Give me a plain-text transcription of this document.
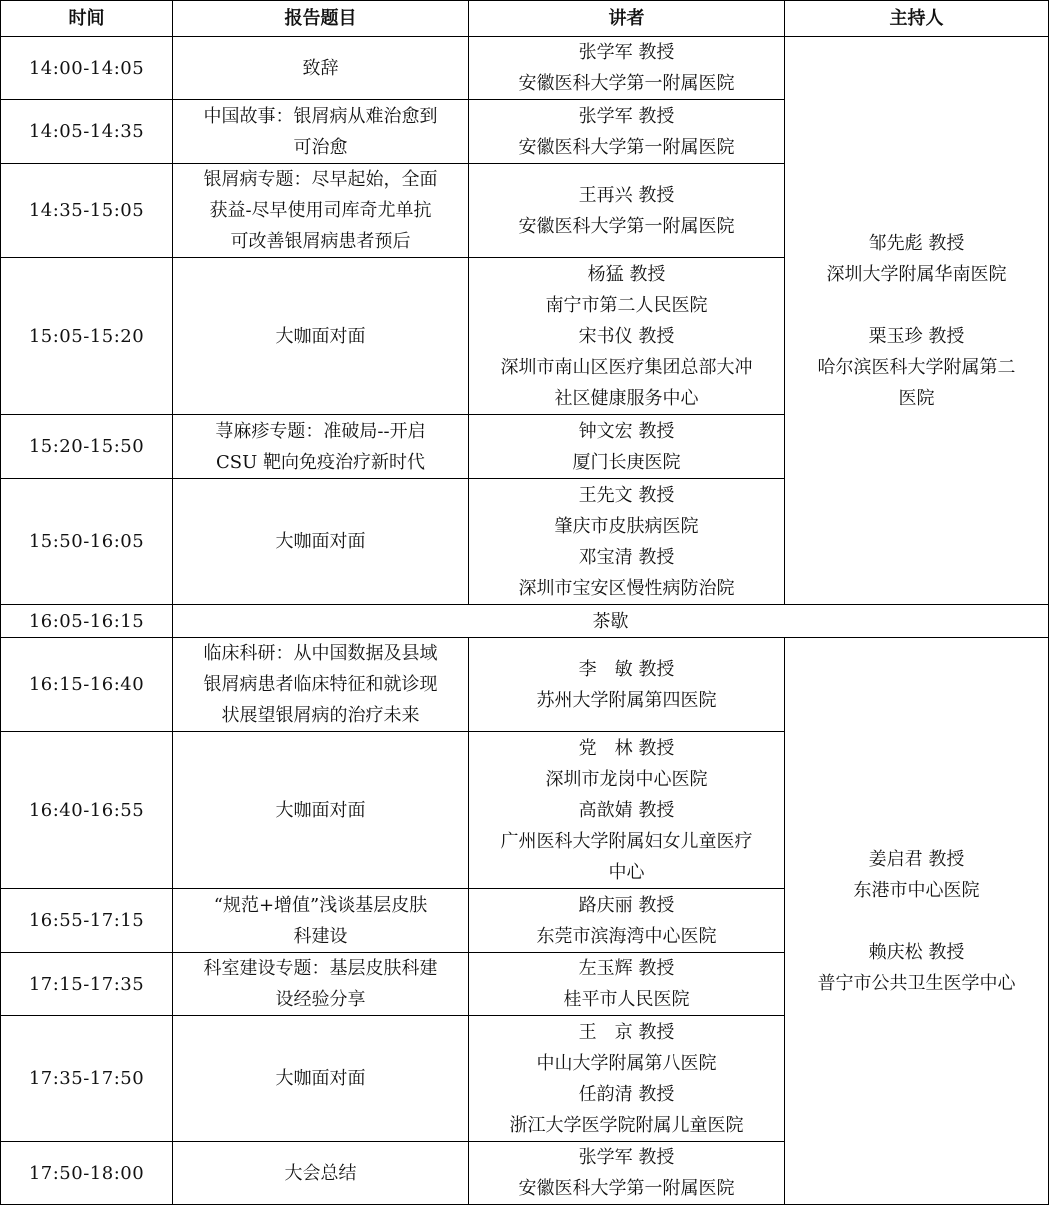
时间	报告题目	讲者	主持人
14:00-14:05	致辞	张学军 教授
安徽医科大学第一附属医院	邹先彪 教授
深圳大学附属华南医院

栗玉珍 教授
哈尔滨医科大学附属第二
医院
14:05-14:35	中国故事：银屑病从难治愈到
可治愈	张学军 教授
安徽医科大学第一附属医院	
14:35-15:05	银屑病专题：尽早起始，全面
获益-尽早使用司库奇尤单抗
可改善银屑病患者预后	王再兴 教授
安徽医科大学第一附属医院	
15:05-15:20	大咖面对面	杨猛 教授
南宁市第二人民医院
宋书仪 教授
深圳市南山区医疗集团总部大冲
社区健康服务中心	
15:20-15:50	荨麻疹专题：准破局--开启
CSU 靶向免疫治疗新时代	钟文宏 教授
厦门长庚医院	
15:50-16:05	大咖面对面	王先文 教授
肇庆市皮肤病医院
邓宝清 教授
深圳市宝安区慢性病防治院	
16:05-16:15	茶歇		
16:15-16:40	临床科研：从中国数据及县域
银屑病患者临床特征和就诊现
状展望银屑病的治疗未来	李　敏 教授
苏州大学附属第四医院	姜启君 教授
东港市中心医院

赖庆松 教授
普宁市公共卫生医学中心
16:40-16:55	大咖面对面	党　林 教授
深圳市龙岗中心医院
高歆婧 教授
广州医科大学附属妇女儿童医疗
中心	
16:55-17:15	“规范+增值”浅谈基层皮肤
科建设	路庆丽 教授
东莞市滨海湾中心医院	
17:15-17:35	科室建设专题：基层皮肤科建
设经验分享	左玉辉 教授
桂平市人民医院	
17:35-17:50	大咖面对面	王　京 教授
中山大学附属第八医院
任韵清 教授
浙江大学医学院附属儿童医院	
17:50-18:00	大会总结	张学军 教授
安徽医科大学第一附属医院	
